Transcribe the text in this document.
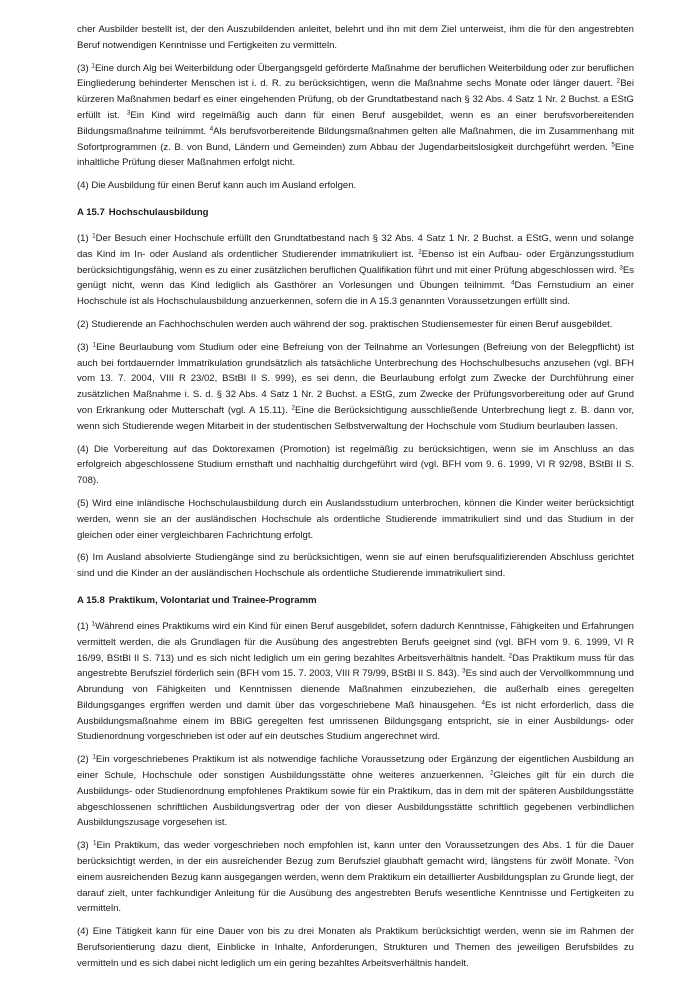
cher Ausbilder bestellt ist, der den Auszubildenden anleitet, belehrt und ihn mit dem Ziel unterweist, ihm die für den angestrebten Beruf notwendigen Kenntnisse und Fertigkeiten zu vermitteln.

(3) $^1$Eine durch Alg bei Weiterbildung oder Übergangsgeld geförderte Maßnahme der beruflichen Weiterbildung oder zur beruflichen Eingliederung behinderter Menschen ist i. d. R. zu berücksichtigen, wenn die Maßnahme sechs Monate oder länger dauert. $^2$Bei kürzeren Maßnahmen bedarf es einer eingehenden Prüfung, ob der Grundtatbestand nach § 32 Abs. 4 Satz 1 Nr. 2 Buchst. a EStG erfüllt ist. $^3$Ein Kind wird regelmäßig auch dann für einen Beruf ausgebildet, wenn es an einer berufsvorbereitenden Bildungsmaßnahme teilnimmt. $^4$Als berufsvorbereitende Bildungsmaßnahmen gelten alle Maßnahmen, die im Zusammenhang mit Sofortprogrammen (z. B. von Bund, Ländern und Gemeinden) zum Abbau der Jugendarbeitslosigkeit durchgeführt werden. $^5$Eine inhaltliche Prüfung dieser Maßnahmen erfolgt nicht.

(4) Die Ausbildung für einen Beruf kann auch im Ausland erfolgen.

A 15.7 Hochschulausbildung

(1) $^1$Der Besuch einer Hochschule erfüllt den Grundtatbestand nach § 32 Abs. 4 Satz 1 Nr. 2 Buchst. a EStG, wenn und solange das Kind im In- oder Ausland als ordentlicher Studierender immatrikuliert ist. $^2$Ebenso ist ein Aufbau- oder Ergänzungsstudium berücksichtigungsfähig, wenn es zu einer zusätzlichen beruflichen Qualifikation führt und mit einer Prüfung abgeschlossen wird. $^3$Es genügt nicht, wenn das Kind lediglich als Gasthörer an Vorlesungen und Übungen teilnimmt. $^4$Das Fernstudium an einer Hochschule ist als Hochschulausbildung anzuerkennen, sofern die in A 15.3 genannten Voraussetzungen erfüllt sind.

(2) Studierende an Fachhochschulen werden auch während der sog. praktischen Studiensemester für einen Beruf ausgebildet.

(3) $^1$Eine Beurlaubung vom Studium oder eine Befreiung von der Teilnahme an Vorlesungen (Befreiung von der Belegpflicht) ist auch bei fortdauernder Immatrikulation grundsätzlich als tatsächliche Unterbrechung des Hochschulbesuchs anzusehen (vgl. BFH vom 13. 7. 2004, VIII R 23/02, BStBl II S. 999), es sei denn, die Beurlaubung erfolgt zum Zwecke der Durchführung einer zusätzlichen Maßnahme i. S. d. § 32 Abs. 4 Satz 1 Nr. 2 Buchst. a EStG, zum Zwecke der Prüfungsvorbereitung oder auf Grund von Erkrankung oder Mutterschaft (vgl. A 15.11). $^2$Eine die Berücksichtigung ausschließende Unterbrechung liegt z. B. dann vor, wenn sich Studierende wegen Mitarbeit in der studentischen Selbstverwaltung der Hochschule vom Studium beurlauben lassen.

(4) Die Vorbereitung auf das Doktorexamen (Promotion) ist regelmäßig zu berücksichtigen, wenn sie im Anschluss an das erfolgreich abgeschlossene Studium ernsthaft und nachhaltig durchgeführt wird (vgl. BFH vom 9. 6. 1999, VI R 92/98, BStBl II S. 708).

(5) Wird eine inländische Hochschulausbildung durch ein Auslandsstudium unterbrochen, können die Kinder weiter berücksichtigt werden, wenn sie an der ausländischen Hochschule als ordentliche Studierende immatrikuliert sind und das Studium in der gleichen oder einer vergleichbaren Fachrichtung erfolgt.

(6) Im Ausland absolvierte Studiengänge sind zu berücksichtigen, wenn sie auf einen berufsqualifizierenden Abschluss gerichtet sind und die Kinder an der ausländischen Hochschule als ordentliche Studierende immatrikuliert sind.

A 15.8 Praktikum, Volontariat und Trainee-Programm

(1) $^1$Während eines Praktikums wird ein Kind für einen Beruf ausgebildet, sofern dadurch Kenntnisse, Fähigkeiten und Erfahrungen vermittelt werden, die als Grundlagen für die Ausübung des angestrebten Berufs geeignet sind (vgl. BFH vom 9. 6. 1999, VI R 16/99, BStBl II S. 713) und es sich nicht lediglich um ein gering bezahltes Arbeitsverhältnis handelt. $^2$Das Praktikum muss für das angestrebte Berufsziel förderlich sein (BFH vom 15. 7. 2003, VIII R 79/99, BStBl II S. 843). $^3$Es sind auch der Vervollkommnung und Abrundung von Fähigkeiten und Kenntnissen dienende Maßnahmen einzubeziehen, die außerhalb eines geregelten Bildungsganges ergriffen werden und damit über das vorgeschriebene Maß hinausgehen. $^4$Es ist nicht erforderlich, dass die Ausbildungsmaßnahme einem im BBiG geregelten fest umrissenen Bildungsgang entspricht, sie in einer Ausbildungs- oder Studienordnung vorgeschrieben ist oder auf ein deutsches Studium angerechnet wird.

(2) $^1$Ein vorgeschriebenes Praktikum ist als notwendige fachliche Voraussetzung oder Ergänzung der eigentlichen Ausbildung an einer Schule, Hochschule oder sonstigen Ausbildungsstätte ohne weiteres anzuerkennen. $^2$Gleiches gilt für ein durch die Ausbildungs- oder Studienordnung empfohlenes Praktikum sowie für ein Praktikum, das in dem mit der späteren Ausbildungsstätte abgeschlossenen schriftlichen Ausbildungsvertrag oder der von dieser Ausbildungsstätte schriftlich gegebenen verbindlichen Ausbildungszusage vorgesehen ist.

(3) $^1$Ein Praktikum, das weder vorgeschrieben noch empfohlen ist, kann unter den Voraussetzungen des Abs. 1 für die Dauer berücksichtigt werden, in der ein ausreichender Bezug zum Berufsziel glaubhaft gemacht wird, längstens für zwölf Monate. $^2$Von einem ausreichenden Bezug kann ausgegangen werden, wenn dem Praktikum ein detaillierter Ausbildungsplan zu Grunde liegt, der darauf zielt, unter fachkundiger Anleitung für die Ausübung des angestrebten Berufs wesentliche Kenntnisse und Fertigkeiten zu vermitteln.

(4) Eine Tätigkeit kann für eine Dauer von bis zu drei Monaten als Praktikum berücksichtigt werden, wenn sie im Rahmen der Berufsorientierung dazu dient, Einblicke in Inhalte, Anforderungen, Strukturen und Themen des jeweiligen Berufsbildes zu vermitteln und es sich dabei nicht lediglich um ein gering bezahltes Arbeitsverhältnis handelt.
